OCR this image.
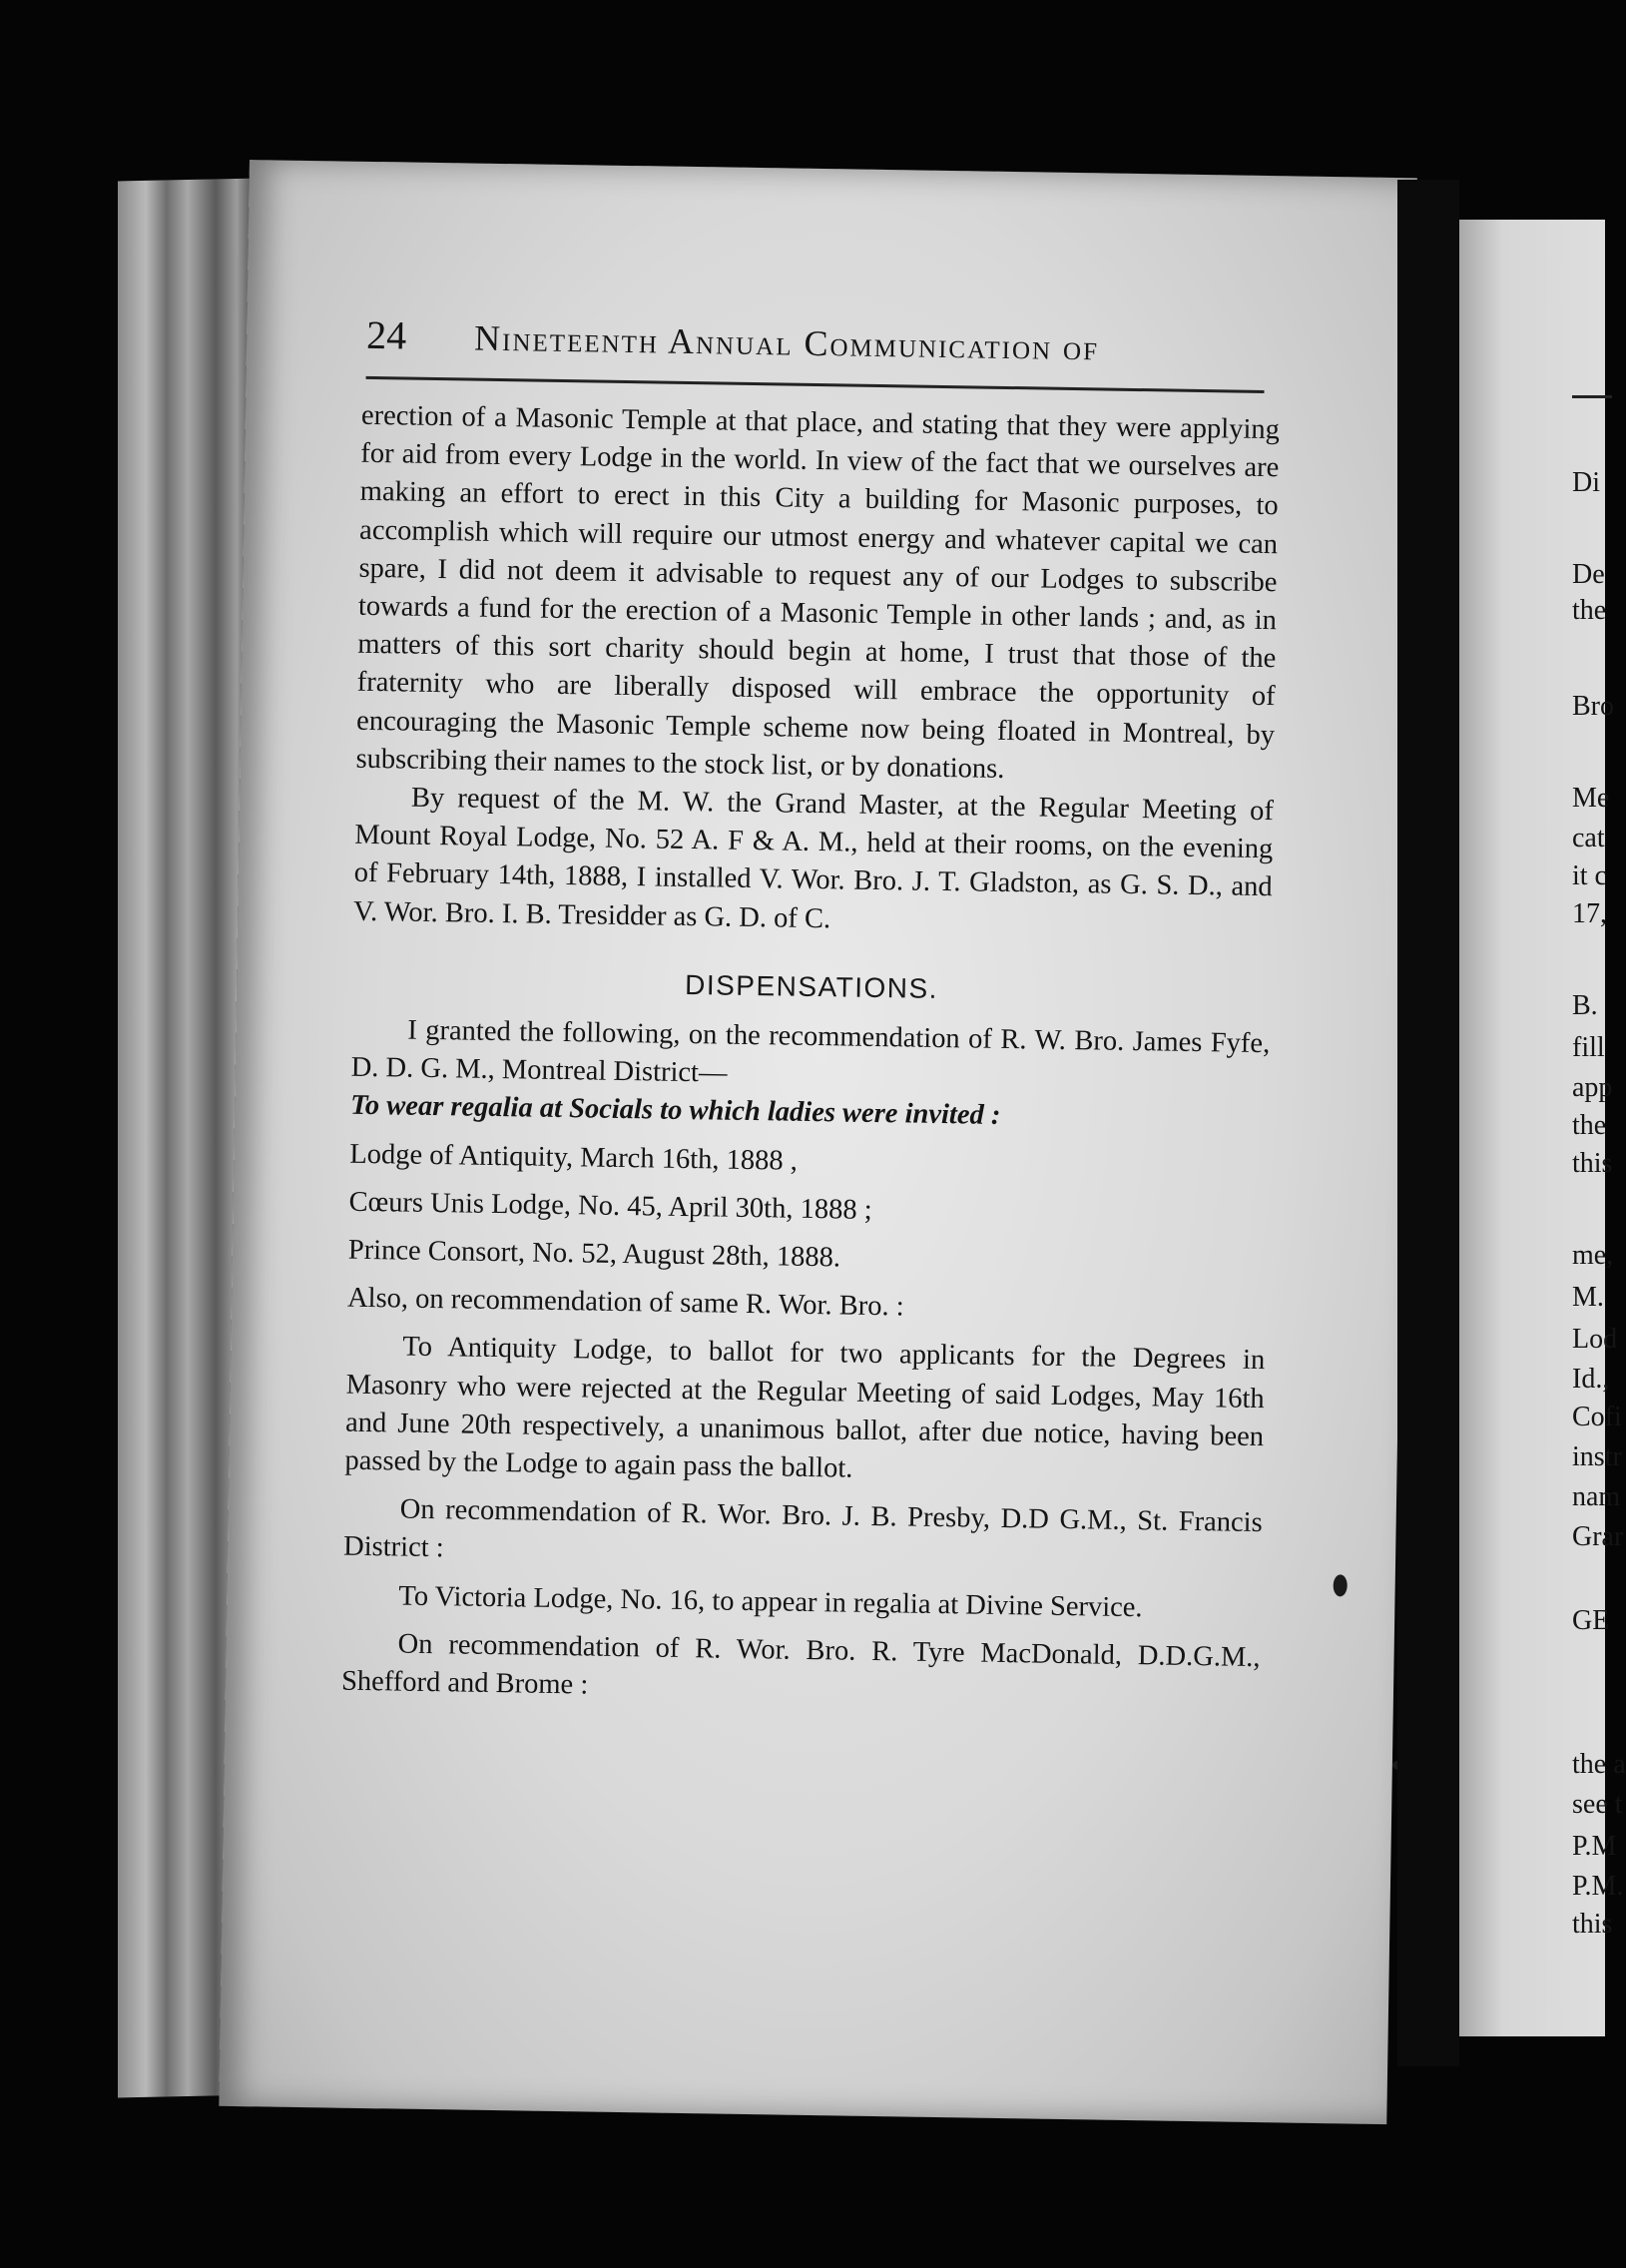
24 Nineteenth Annual Communication of

erection of a Masonic Temple at that place, and stating that they were applying for aid from every Lodge in the world. In view of the fact that we ourselves are making an effort to erect in this City a building for Masonic purposes, to accomplish which will require our utmost energy and whatever capital we can spare, I did not deem it advisable to request any of our Lodges to subscribe towards a fund for the erection of a Masonic Temple in other lands ; and, as in matters of this sort charity should begin at home, I trust that those of the fraternity who are liberally disposed will embrace the opportunity of encouraging the Masonic Temple scheme now being floated in Montreal, by subscribing their names to the stock list, or by donations.

By request of the M. W. the Grand Master, at the Regular Meeting of Mount Royal Lodge, No. 52 A. F & A. M., held at their rooms, on the evening of February 14th, 1888, I installed V. Wor. Bro. J. T. Gladston, as G. S. D., and V. Wor. Bro. I. B. Tresidder as G. D. of C.

DISPENSATIONS.

I granted the following, on the recommendation of R. W. Bro. James Fyfe, D. D. G. M., Montreal District—

To wear regalia at Socials to which ladies were invited :

Lodge of Antiquity, March 16th, 1888 ,

Cœurs Unis Lodge, No. 45, April 30th, 1888 ;

Prince Consort, No. 52, August 28th, 1888.

Also, on recommendation of same R. Wor. Bro. :

To Antiquity Lodge, to ballot for two applicants for the Degrees in Masonry who were rejected at the Regular Meeting of said Lodges, May 16th and June 20th respectively, a unanimous ballot, after due notice, having been passed by the Lodge to again pass the ballot.

On recommendation of R. Wor. Bro. J. B. Presby, D.D G.M., St. Francis District :

To Victoria Lodge, No. 16, to appear in regalia at Divine Service.

On recommendation of R. Wor. Bro. R. Tyre MacDonald, D.D.G.M., Shefford and Brome :

Di
De
the
Bro
Me
cat
it c
17,
B.
fill
app
the
this
me,
M.
Lod
Id.,
Cofi
instr
nam
Grar
GE
the a
see t
P.M
P.M.
this
